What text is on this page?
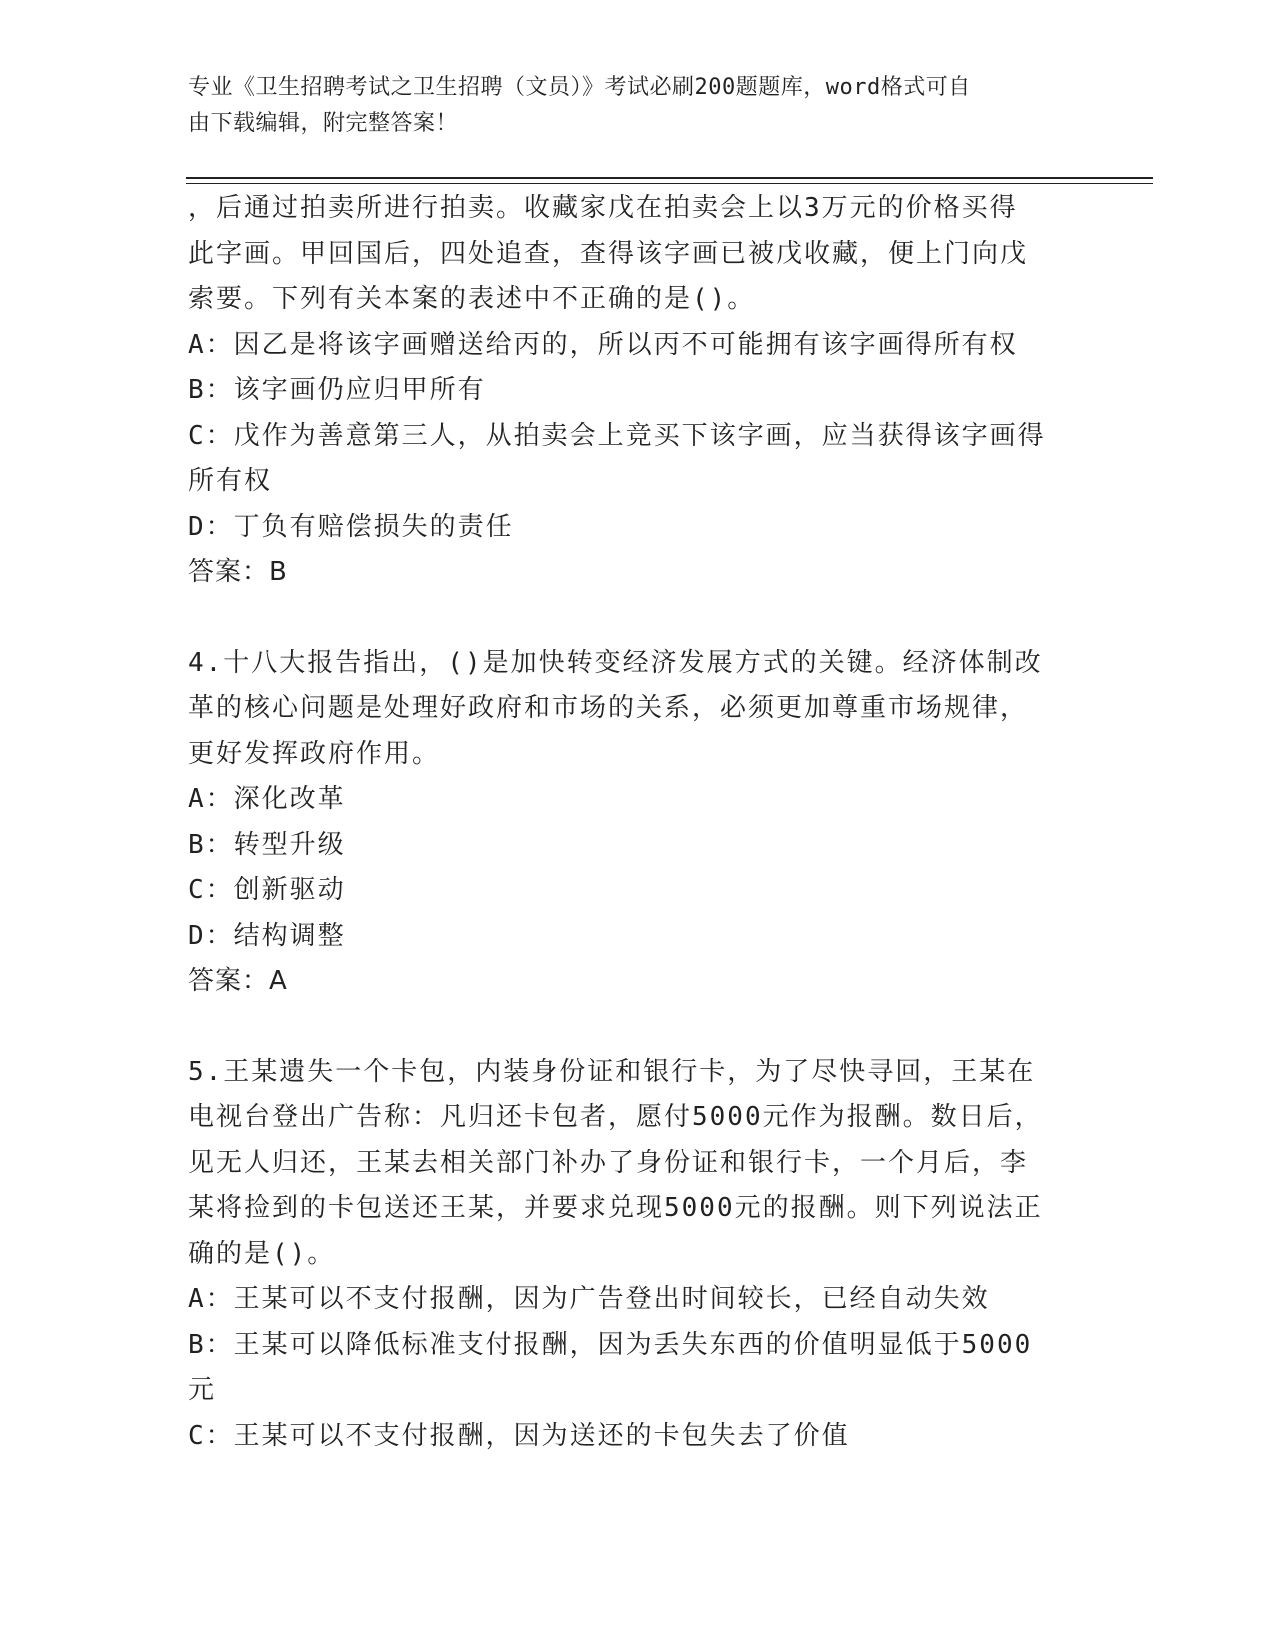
专业《卫生招聘考试之卫生招聘（文员）》考试必刷200题题库，word格式可自
由下载编辑，附完整答案！
，后通过拍卖所进行拍卖。收藏家戊在拍卖会上以3万元的价格买得
此字画。甲回国后，四处追查，查得该字画已被戊收藏，便上门向戊
索要。下列有关本案的表述中不正确的是()。
A：因乙是将该字画赠送给丙的，所以丙不可能拥有该字画得所有权
B：该字画仍应归甲所有
C：戊作为善意第三人，从拍卖会上竞买下该字画，应当获得该字画得
所有权
D：丁负有赔偿损失的责任
答案：B
4.十八大报告指出，()是加快转变经济发展方式的关键。经济体制改
革的核心问题是处理好政府和市场的关系，必须更加尊重市场规律，
更好发挥政府作用。
A：深化改革
B：转型升级
C：创新驱动
D：结构调整
答案：A
5.王某遗失一个卡包，内装身份证和银行卡，为了尽快寻回，王某在
电视台登出广告称：凡归还卡包者，愿付5000元作为报酬。数日后，
见无人归还，王某去相关部门补办了身份证和银行卡，一个月后，李
某将捡到的卡包送还王某，并要求兑现5000元的报酬。则下列说法正
确的是()。
A：王某可以不支付报酬，因为广告登出时间较长，已经自动失效
B：王某可以降低标准支付报酬，因为丢失东西的价值明显低于5000
元
C：王某可以不支付报酬，因为送还的卡包失去了价值
